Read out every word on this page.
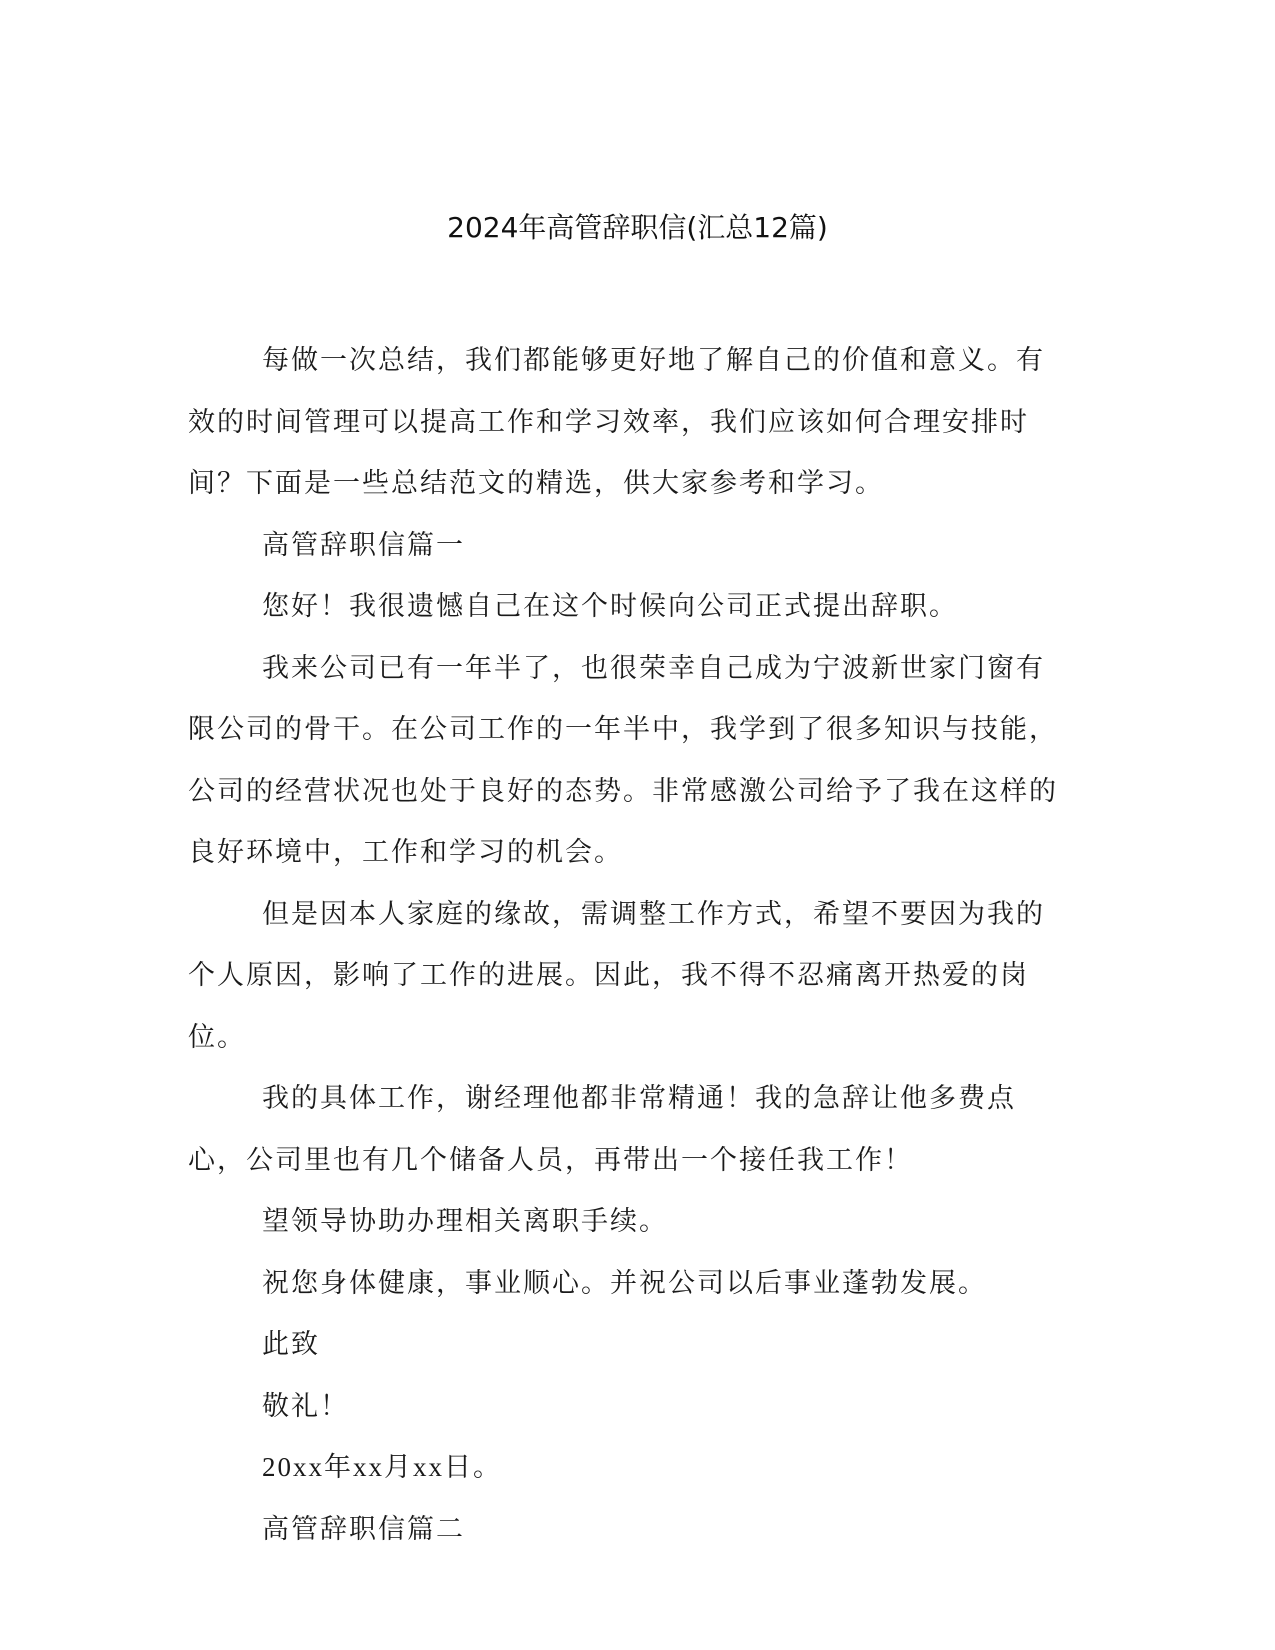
2024年高管辞职信(汇总12篇)

每做一次总结，我们都能够更好地了解自己的价值和意义。有效的时间管理可以提高工作和学习效率，我们应该如何合理安排时间？下面是一些总结范文的精选，供大家参考和学习。

高管辞职信篇一

您好！我很遗憾自己在这个时候向公司正式提出辞职。

我来公司已有一年半了，也很荣幸自己成为宁波新世家门窗有限公司的骨干。在公司工作的一年半中，我学到了很多知识与技能，公司的经营状况也处于良好的态势。非常感激公司给予了我在这样的良好环境中，工作和学习的机会。

但是因本人家庭的缘故，需调整工作方式，希望不要因为我的个人原因，影响了工作的进展。因此，我不得不忍痛离开热爱的岗位。

我的具体工作，谢经理他都非常精通！我的急辞让他多费点心，公司里也有几个储备人员，再带出一个接任我工作！

望领导协助办理相关离职手续。

祝您身体健康，事业顺心。并祝公司以后事业蓬勃发展。

此致

敬礼！

20xx年xx月xx日。

高管辞职信篇二
